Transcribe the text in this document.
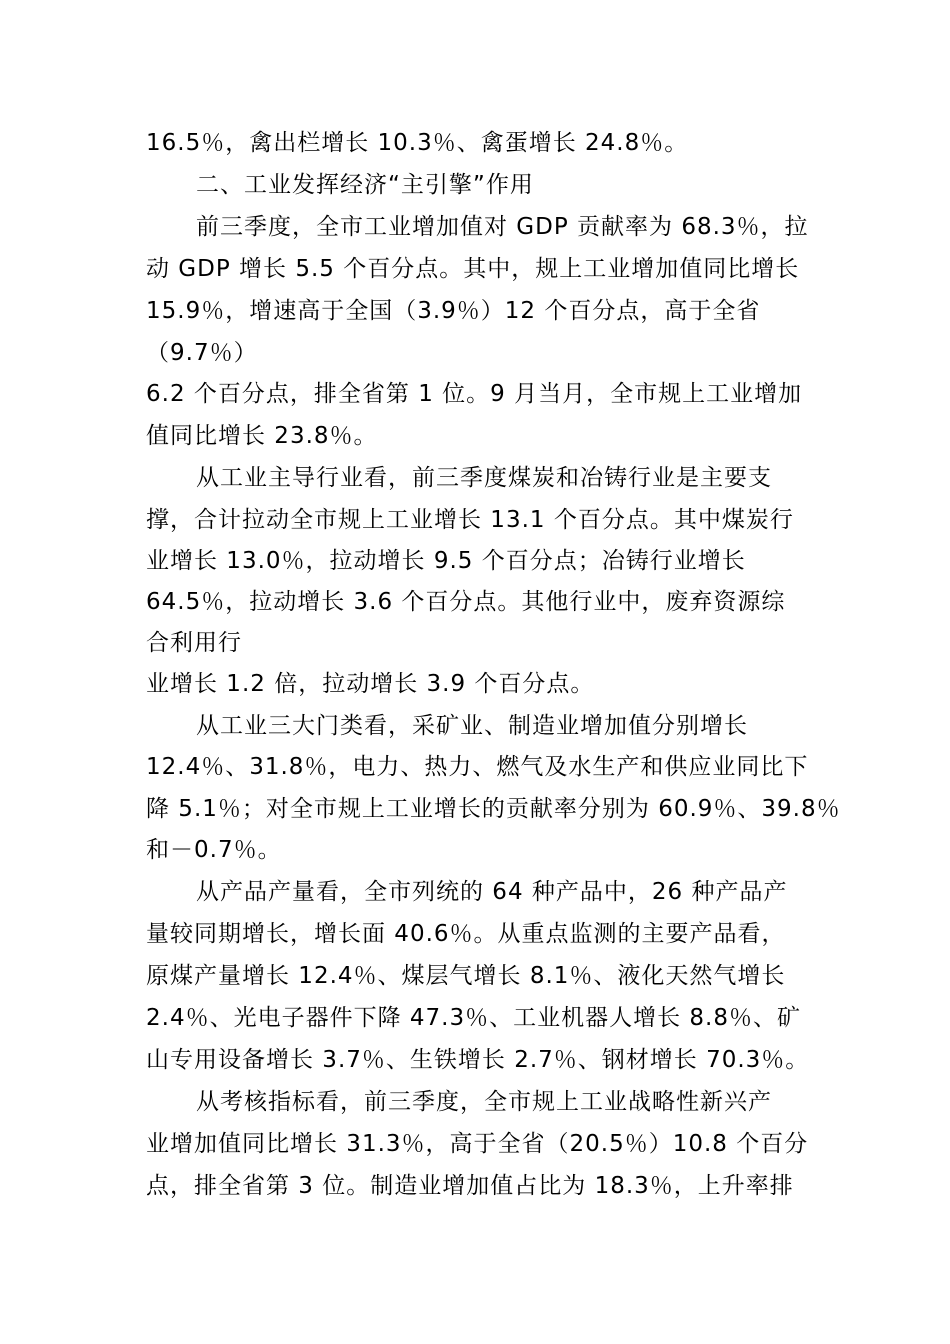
16.5％，禽出栏增长 10.3％、禽蛋增长 24.8％。

二、工业发挥经济“主引擎”作用

前三季度，全市工业增加值对 GDP 贡献率为 68.3％，拉

动 GDP 增长 5.5 个百分点。其中，规上工业增加值同比增长

15.9％，增速高于全国（3.9％）12 个百分点，高于全省

（9.7％）

6.2 个百分点，排全省第 1 位。9 月当月，全市规上工业增加

值同比增长 23.8％。

从工业主导行业看，前三季度煤炭和冶铸行业是主要支

撑，合计拉动全市规上工业增长 13.1 个百分点。其中煤炭行

业增长 13.0％，拉动增长 9.5 个百分点；冶铸行业增长

64.5％，拉动增长 3.6 个百分点。其他行业中，废弃资源综

合利用行

业增长 1.2 倍，拉动增长 3.9 个百分点。

从工业三大门类看，采矿业、制造业增加值分别增长

12.4％、31.8％，电力、热力、燃气及水生产和供应业同比下

降 5.1％；对全市规上工业增长的贡献率分别为 60.9％、39.8％

和－0.7％。

从产品产量看，全市列统的 64 种产品中，26 种产品产

量较同期增长，增长面 40.6％。从重点监测的主要产品看，

原煤产量增长 12.4％、煤层气增长 8.1％、液化天然气增长

2.4％、光电子器件下降 47.3％、工业机器人增长 8.8％、矿

山专用设备增长 3.7％、生铁增长 2.7％、钢材增长 70.3％。

从考核指标看，前三季度，全市规上工业战略性新兴产

业增加值同比增长 31.3％，高于全省（20.5％）10.8 个百分

点，排全省第 3 位。制造业增加值占比为 18.3％，上升率排
